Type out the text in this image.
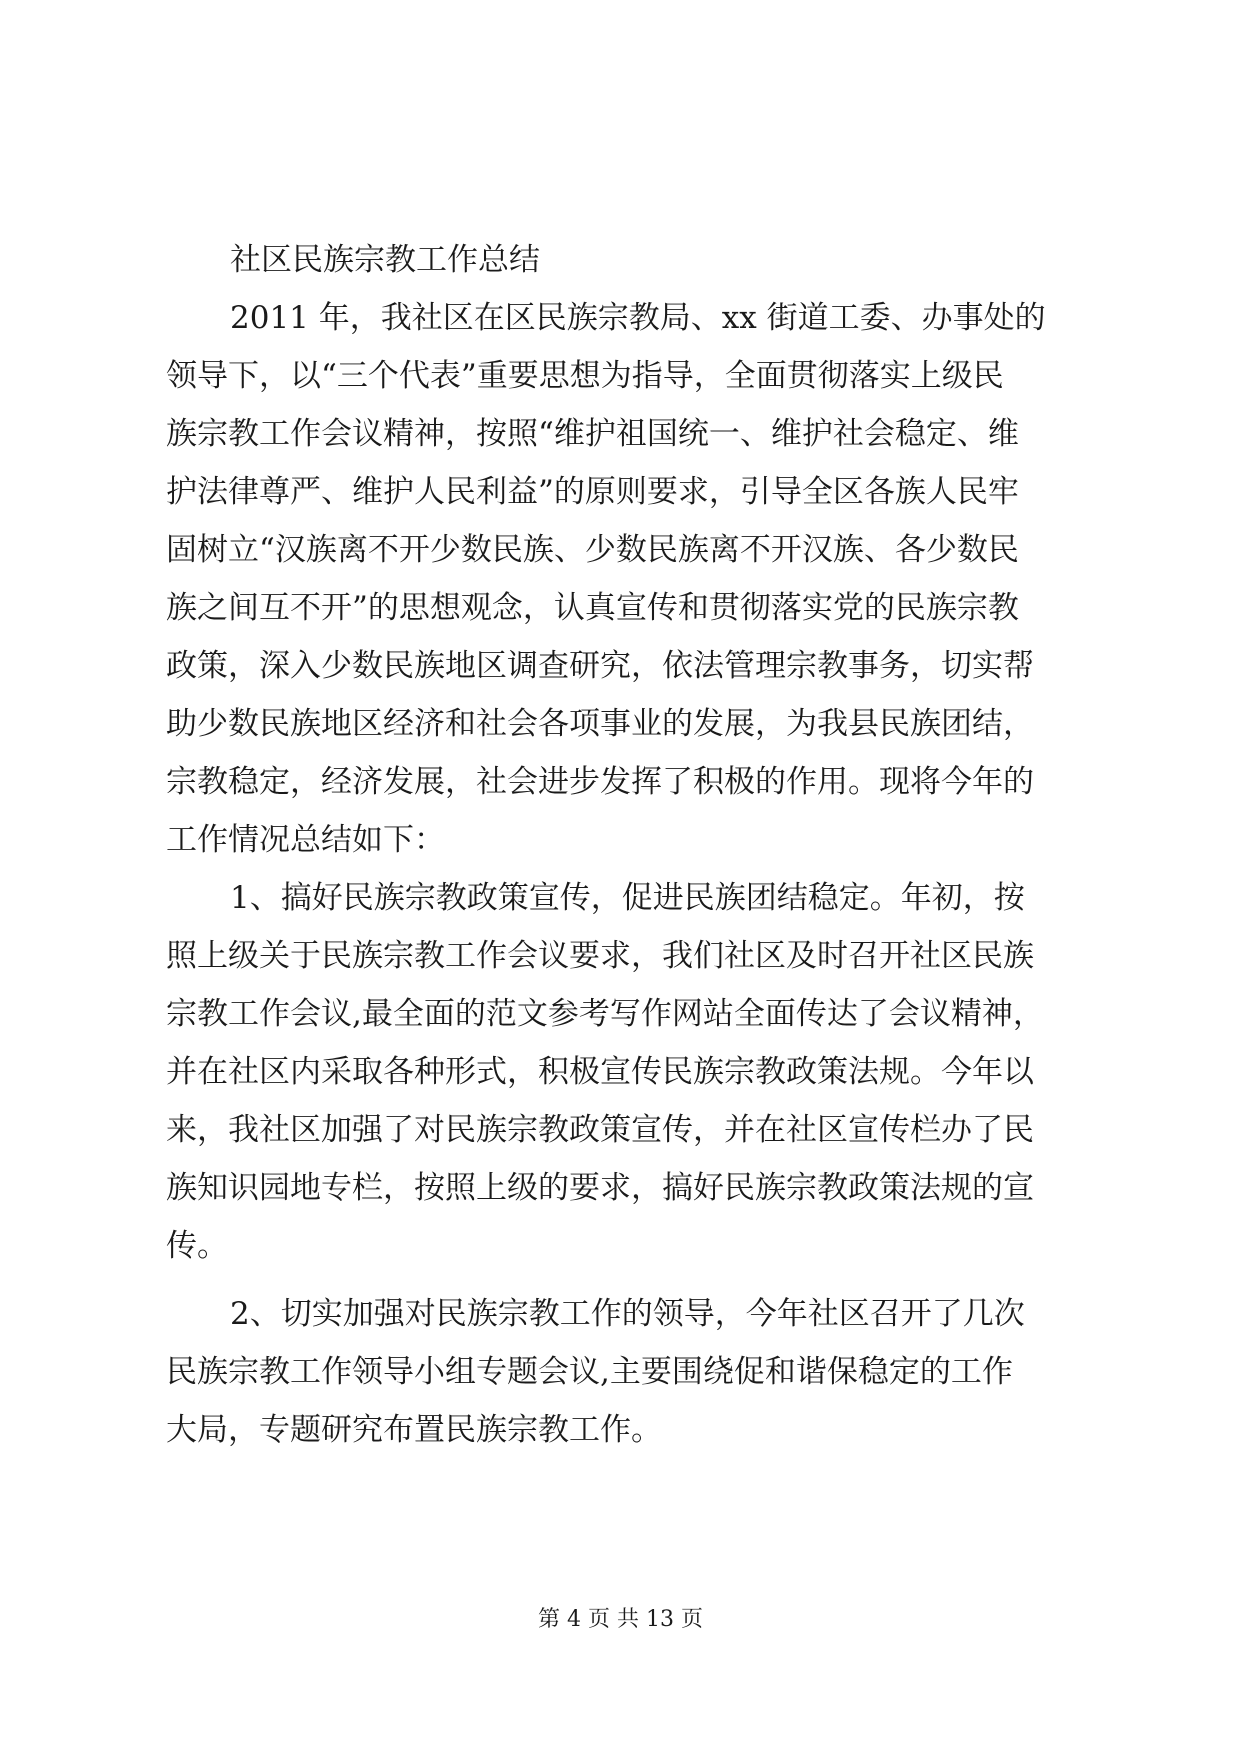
社区民族宗教工作总结

2011 年，我社区在区民族宗教局、xx 街道工委、办事处的

领导下，以“三个代表”重要思想为指导，全面贯彻落实上级民

族宗教工作会议精神，按照“维护祖国统一、维护社会稳定、维

护法律尊严、维护人民利益”的原则要求，引导全区各族人民牢

固树立“汉族离不开少数民族、少数民族离不开汉族、各少数民

族之间互不开”的思想观念，认真宣传和贯彻落实党的民族宗教

政策，深入少数民族地区调查研究，依法管理宗教事务，切实帮

助少数民族地区经济和社会各项事业的发展，为我县民族团结，

宗教稳定，经济发展，社会进步发挥了积极的作用。现将今年的

工作情况总结如下：

1、搞好民族宗教政策宣传，促进民族团结稳定。年初，按

照上级关于民族宗教工作会议要求，我们社区及时召开社区民族

宗教工作会议,最全面的范文参考写作网站全面传达了会议精神，

并在社区内采取各种形式，积极宣传民族宗教政策法规。今年以

来，我社区加强了对民族宗教政策宣传，并在社区宣传栏办了民

族知识园地专栏，按照上级的要求，搞好民族宗教政策法规的宣

传。

2、切实加强对民族宗教工作的领导，今年社区召开了几次

民族宗教工作领导小组专题会议,主要围绕促和谐保稳定的工作

大局，专题研究布置民族宗教工作。

第 4 页 共 13 页
